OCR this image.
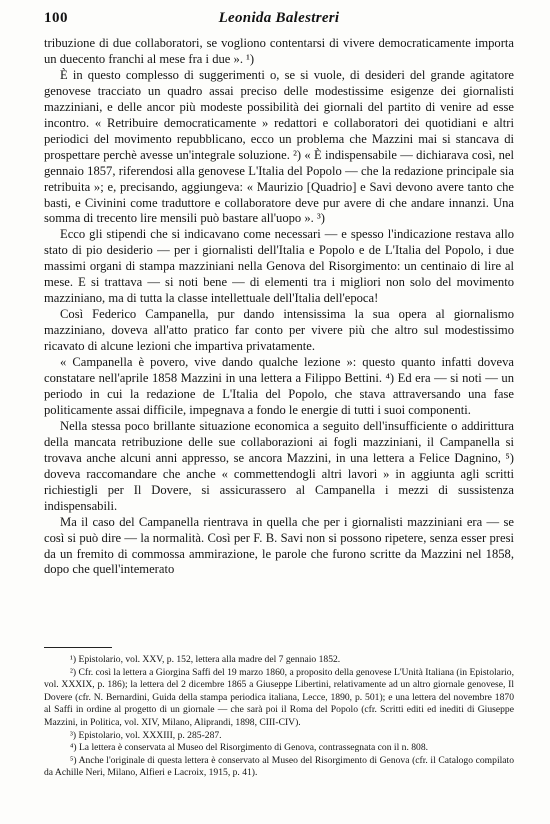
100	Leonida Balestreri

tribuzione di due collaboratori, se vogliono contentarsi di vivere democraticamente importa un duecento franchi al mese fra i due ». ¹)

È in questo complesso di suggerimenti o, se si vuole, di desideri del grande agitatore genovese tracciato un quadro assai preciso delle modestissime esigenze dei giornalisti mazziniani, e delle ancor più modeste possibilità dei giornali del partito di venire ad esse incontro. « Retribuire democraticamente » redattori e collaboratori dei quotidiani e altri periodici del movimento repubblicano, ecco un problema che Mazzini mai si stancava di prospettare perchè avesse un'integrale soluzione. ²) « È indispensabile — dichiarava così, nel gennaio 1857, riferendosi alla genovese L'Italia del Popolo — che la redazione principale sia retribuita »; e, precisando, aggiungeva: « Maurizio [Quadrio] e Savi devono avere tanto che basti, e Civinini come traduttore e collaboratore deve pur avere di che andare innanzi. Una somma di trecento lire mensili può bastare all'uopo ». ³)

Ecco gli stipendi che si indicavano come necessari — e spesso l'indicazione restava allo stato di pio desiderio — per i giornalisti dell'Italia e Popolo e de L'Italia del Popolo, i due massimi organi di stampa mazziniani nella Genova del Risorgimento: un centinaio di lire al mese. E si trattava — si noti bene — di elementi tra i migliori non solo del movimento mazziniano, ma di tutta la classe intellettuale dell'Italia dell'epoca!

Così Federico Campanella, pur dando intensissima la sua opera al giornalismo mazziniano, doveva all'atto pratico far conto per vivere più che altro sul modestissimo ricavato di alcune lezioni che impartiva privatamente.

« Campanella è povero, vive dando qualche lezione »: questo quanto infatti doveva constatare nell'aprile 1858 Mazzini in una lettera a Filippo Bettini. ⁴) Ed era — si noti — un periodo in cui la redazione de L'Italia del Popolo, che stava attraversando una fase politicamente assai difficile, impegnava a fondo le energie di tutti i suoi componenti.

Nella stessa poco brillante situazione economica a seguito dell'insufficiente o addirittura della mancata retribuzione delle sue collaborazioni ai fogli mazziniani, il Campanella si trovava anche alcuni anni appresso, se ancora Mazzini, in una lettera a Felice Dagnino, ⁵) doveva raccomandare che anche « commettendogli altri lavori » in aggiunta agli scritti richiestigli per Il Dovere, si assicurassero al Campanella i mezzi di sussistenza indispensabili.

Ma il caso del Campanella rientrava in quella che per i giornalisti mazziniani era — se così si può dire — la normalità. Così per F. B. Savi non si possono ripetere, senza esser presi da un fremito di commossa ammirazione, le parole che furono scritte da Mazzini nel 1858, dopo che quell'intemerato

¹) Epistolario, vol. XXV, p. 152, lettera alla madre del 7 gennaio 1852.

²) Cfr. così la lettera a Giorgina Saffi del 19 marzo 1860, a proposito della genovese L'Unità Italiana (in Epistolario, vol. XXXIX, p. 186); la lettera del 2 dicembre 1865 a Giuseppe Libertini, relativamente ad un altro giornale genovese, Il Dovere (cfr. N. Bernardini, Guida della stampa periodica italiana, Lecce, 1890, p. 501); e una lettera del novembre 1870 al Saffi in ordine al progetto di un giornale — che sarà poi il Roma del Popolo (cfr. Scritti editi ed inediti di Giuseppe Mazzini, in Politica, vol. XIV, Milano, Aliprandi, 1898, CIII-CIV).

³) Epistolario, vol. XXXIII, p. 285-287.

⁴) La lettera è conservata al Museo del Risorgimento di Genova, contrassegnata con il n. 808.

⁵) Anche l'originale di questa lettera è conservato al Museo del Risorgimento di Genova (cfr. il Catalogo compilato da Achille Neri, Milano, Alfieri e Lacroix, 1915, p. 41).
